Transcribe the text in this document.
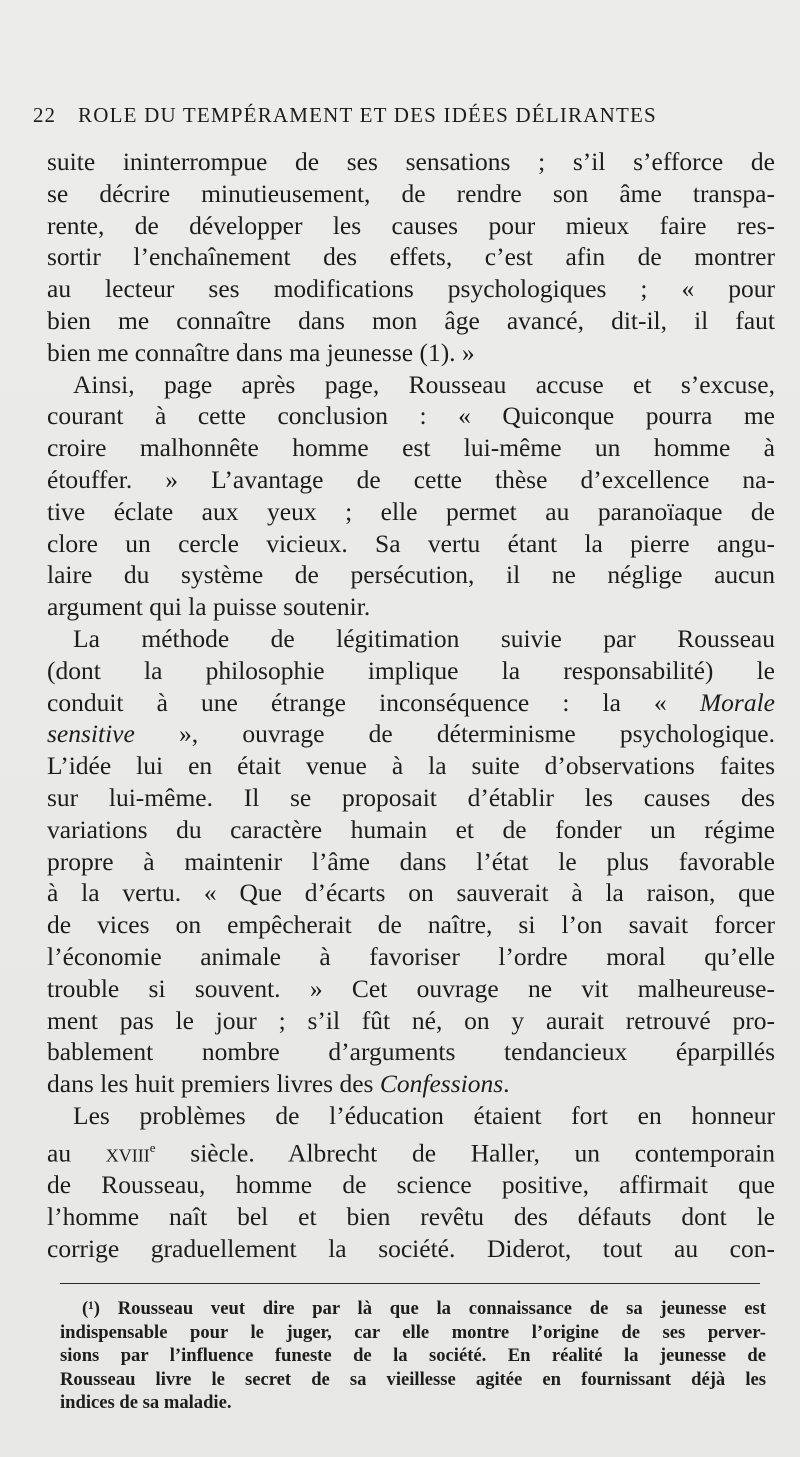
22 ROLE DU TEMPÉRAMENT ET DES IDÉES DÉLIRANTES

suite ininterrompue de ses sensations ; s’il s’efforce de
se décrire minutieusement, de rendre son âme transpa-
rente, de développer les causes pour mieux faire res-
sortir l’enchaînement des effets, c’est afin de montrer
au lecteur ses modifications psychologiques ; « pour
bien me connaître dans mon âge avancé, dit-il, il faut
bien me connaître dans ma jeunesse (1). »

Ainsi, page après page, Rousseau accuse et s’excuse,
courant à cette conclusion : « Quiconque pourra me
croire malhonnête homme est lui-même un homme à
étouffer. » L’avantage de cette thèse d’excellence na-
tive éclate aux yeux ; elle permet au paranoïaque de
clore un cercle vicieux. Sa vertu étant la pierre angu-
laire du système de persécution, il ne néglige aucun
argument qui la puisse soutenir.

La méthode de légitimation suivie par Rousseau
(dont la philosophie implique la responsabilité) le
conduit à une étrange inconséquence : la « Morale
sensitive », ouvrage de déterminisme psychologique.
L’idée lui en était venue à la suite d’observations faites
sur lui-même. Il se proposait d’établir les causes des
variations du caractère humain et de fonder un régime
propre à maintenir l’âme dans l’état le plus favorable
à la vertu. « Que d’écarts on sauverait à la raison, que
de vices on empêcherait de naître, si l’on savait forcer
l’économie animale à favoriser l’ordre moral qu’elle
trouble si souvent. » Cet ouvrage ne vit malheureuse-
ment pas le jour ; s’il fût né, on y aurait retrouvé pro-
bablement nombre d’arguments tendancieux éparpillés
dans les huit premiers livres des Confessions.

Les problèmes de l’éducation étaient fort en honneur
au xviii$^e$ siècle. Albrecht de Haller, un contemporain
de Rousseau, homme de science positive, affirmait que
l’homme naît bel et bien revêtu des défauts dont le
corrige graduellement la société. Diderot, tout au con-

(¹) Rousseau veut dire par là que la connaissance de sa jeunesse est
indispensable pour le juger, car elle montre l’origine de ses perver-
sions par l’influence funeste de la société. En réalité la jeunesse de
Rousseau livre le secret de sa vieillesse agitée en fournissant déjà les
indices de sa maladie.
